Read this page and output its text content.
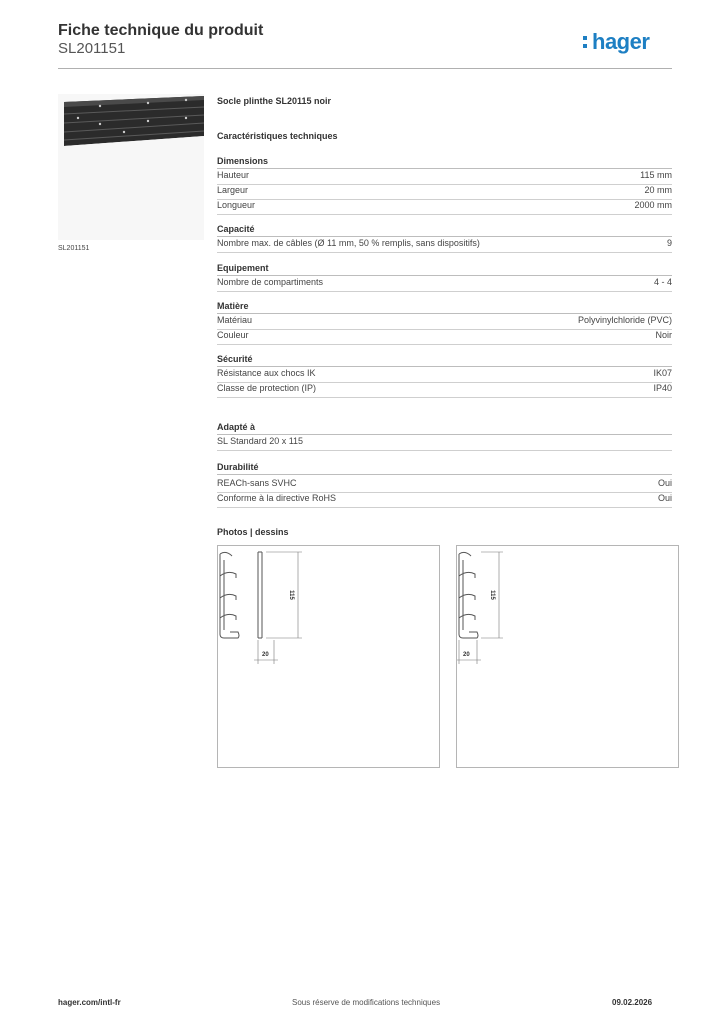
Fiche technique du produit
SL201151	hager
SL201151
Socle plinthe SL20115 noir
Caractéristiques techniques
Dimensions
Hauteur	115 mm
Largeur	20 mm
Longueur	2000 mm
Capacité
Nombre max. de câbles (Ø 11 mm, 50 % remplis, sans dispositifs)	9
Equipement
Nombre de compartiments	4 - 4
Matière
Matériau	Polyvinylchloride (PVC)
Couleur	Noir
Sécurité
Résistance aux chocs IK	IK07
Classe de protection (IP)	IP40
Adapté à
SL Standard 20 x 115
Durabilité
REACh-sans SVHC	Oui
Conforme à la directive RoHS	Oui
Photos | dessins
115
20
115
20
hager.com/intl-fr	Sous réserve de modifications techniques	09.02.2026
